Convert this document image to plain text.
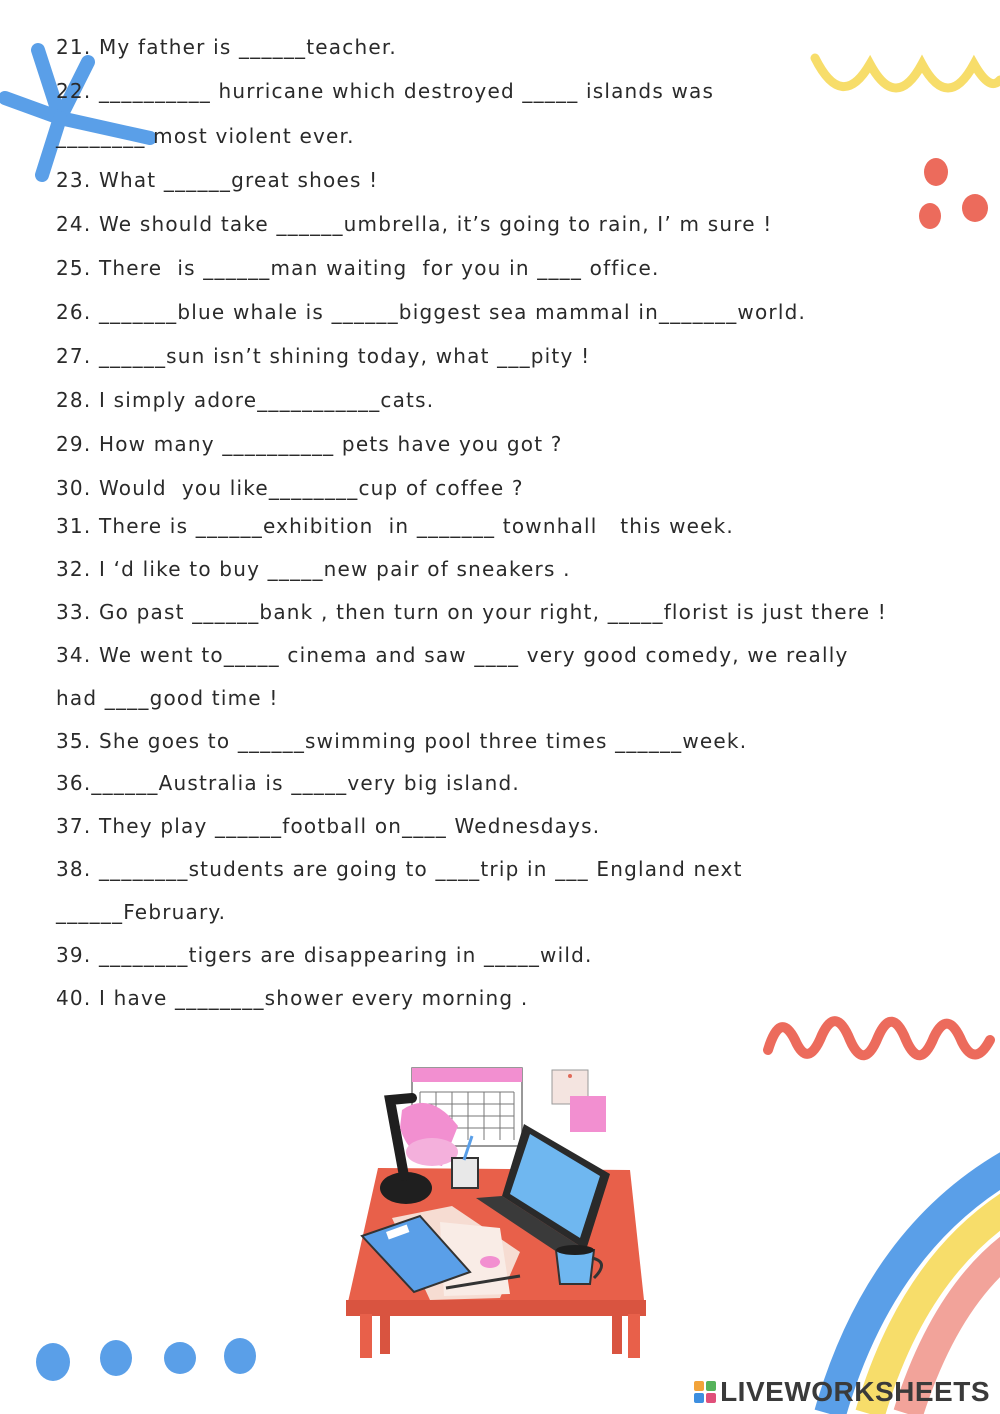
21. My father is ______teacher.
22. __________ hurricane which destroyed _____ islands was
________ most violent ever.
23. What ______great shoes !
24. We should take ______umbrella, it’s going to rain, I’ m sure !
25. There  is ______man waiting  for you in ____ office.
26. _______blue whale is ______biggest sea mammal in_______world.
27. ______sun isn’t shining today, what ___pity !
28. I simply adore___________cats.
29. How many __________ pets have you got ?
30. Would  you like________cup of coffee ?
31. There is ______exhibition  in _______ townhall   this week.
32. I ‘d like to buy _____new pair of sneakers .
33. Go past ______bank , then turn on your right, _____florist is just there !
34. We went to_____ cinema and saw ____ very good comedy, we really
had ____good time !
35. She goes to ______swimming pool three times ______week.
36.______Australia is _____very big island.
37. They play ______football on____ Wednesdays.
38. ________students are going to ____trip in ___ England next
______February.
39. ________tigers are disappearing in _____wild.
40. I have ________shower every morning .
LIVEWORKSHEETS
